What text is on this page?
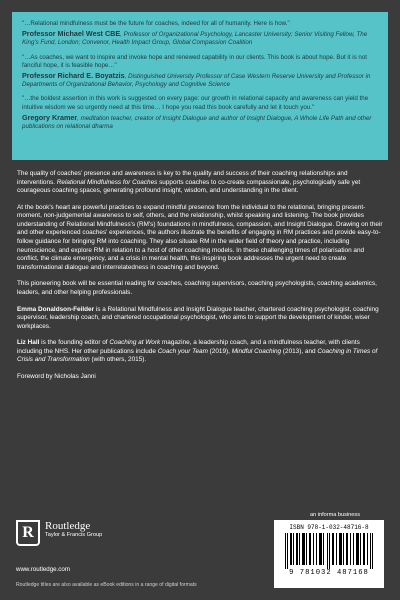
"…Relational mindfulness must be the future for coaches, indeed for all of humanity. Here is how."
Professor Michael West CBE, Professor of Organizational Psychology, Lancaster University; Senior Visiting Fellow, The King's Fund, London; Convenor, Health Impact Group, Global Compassion Coalition
"…As coaches, we want to inspire and invoke hope and renewed capability in our clients. This book is about hope. But it is not fanciful hope, it is feasible hope…"
Professor Richard E. Boyatzis, Distinguished University Professor of Case Western Reserve University and Professor in Departments of Organizational Behavior, Psychology and Cognitive Science
"…the boldest assertion in this work is suggested on every page: our growth in relational capacity and awareness can yield the intuitive wisdom we so urgently need at this time… I hope you read this book carefully and let it touch you."
Gregory Kramer, meditation teacher, creator of Insight Dialogue and author of Insight Dialogue, A Whole Life Path and other publications on relational dharma

The quality of coaches' presence and awareness is key to the quality and success of their coaching relationships and interventions. Relational Mindfulness for Coaches supports coaches to co-create compassionate, psychologically safe yet courageous coaching spaces, generating profound insight, wisdom, and understanding in the client.

At the book's heart are powerful practices to expand mindful presence from the individual to the relational, bringing present-moment, non-judgemental awareness to self, others, and the relationship, whilst speaking and listening. The book provides understanding of Relational Mindfulness's (RM's) foundations in mindfulness, compassion, and Insight Dialogue. Drawing on their and other experienced coaches' experiences, the authors illustrate the benefits of engaging in RM practices and provide easy-to-follow guidance for bringing RM into coaching. They also situate RM in the wider field of theory and practice, including neuroscience, and explore RM in relation to a host of other coaching models. In these challenging times of polarisation and conflict, the climate emergency, and a crisis in mental health, this inspiring book addresses the urgent need to create transformational dialogue and interrelatedness in coaching and beyond.

This pioneering book will be essential reading for coaches, coaching supervisors, coaching psychologists, coaching academics, leaders, and other helping professionals.

Emma Donaldson-Feilder is a Relational Mindfulness and Insight Dialogue teacher, chartered coaching psychologist, coaching supervisor, leadership coach, and chartered occupational psychologist, who aims to support the development of kinder, wiser workplaces.

Liz Hall is the founding editor of Coaching at Work magazine, a leadership coach, and a mindfulness teacher, with clients including the NHS. Her other publications include Coach your Team (2019), Mindful Coaching (2013), and Coaching in Times of Crisis and Transformation (with others, 2015).

Foreword by Nicholas Janni
R	Routledge
Taylor & Francis Group
www.routledge.com
Routledge titles are also available as eBook editions in a range of digital formats
an informa business
ISBN 978-1-032-48716-8
9 781032 487168
